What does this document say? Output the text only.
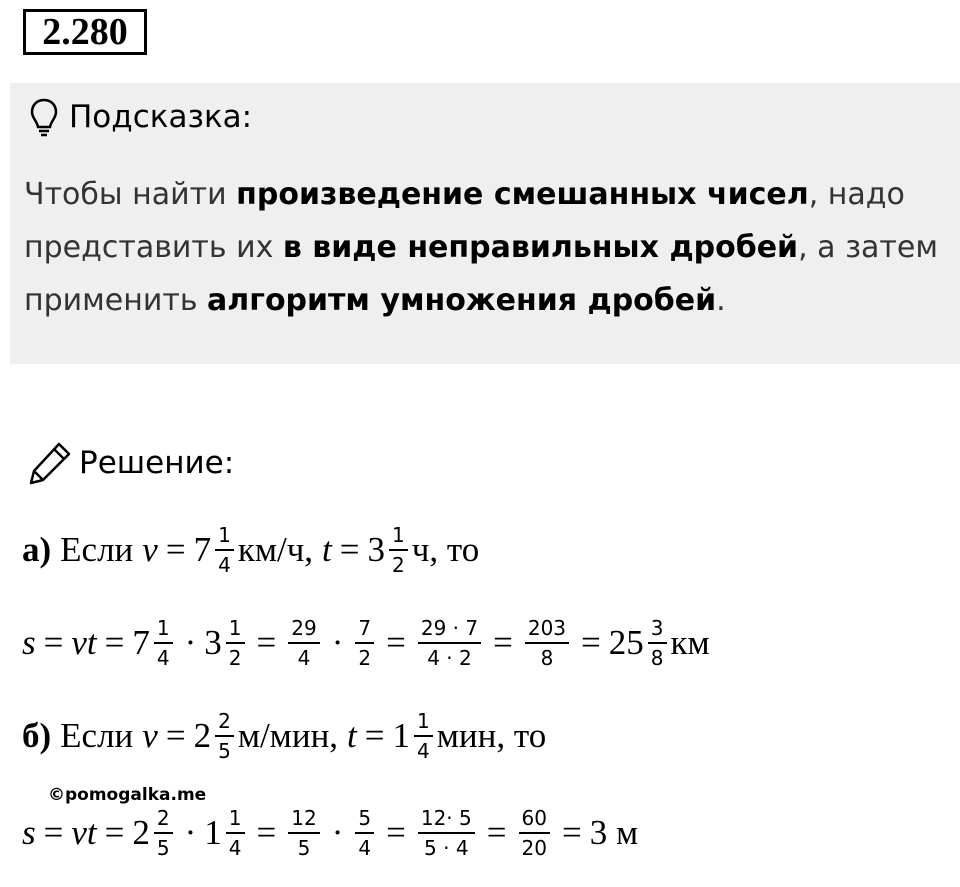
2.280
Подсказка:
Чтобы найти произведение смешанных чисел, надо представить их в виде неправильных дробей, а затем применить алгоритм умножения дробей.
Решение:
а) Если $v = 7 \frac{1}{4} км/ч$, $t = 3 \frac{1}{2} ч$, то
s = vt = $7 \frac{1}{4} \cdot 3 \frac{1}{2} = \frac{29}{4} \cdot \frac{7}{2} = \frac{29 \cdot 7}{4 \cdot 2} = \frac{203}{8} = 25 \frac{3}{8}$ км
б) Если $v = 2 \frac{2}{5} м/мин$, $t = 1 \frac{1}{4}$ мин, то
©pomogalka.me
s = vt = $2 \frac{2}{5} \cdot 1 \frac{1}{4} = \frac{12}{5} \cdot \frac{5}{4} = \frac{12\cdot 5}{5 \cdot 4} = \frac{60}{20} = 3$ м
